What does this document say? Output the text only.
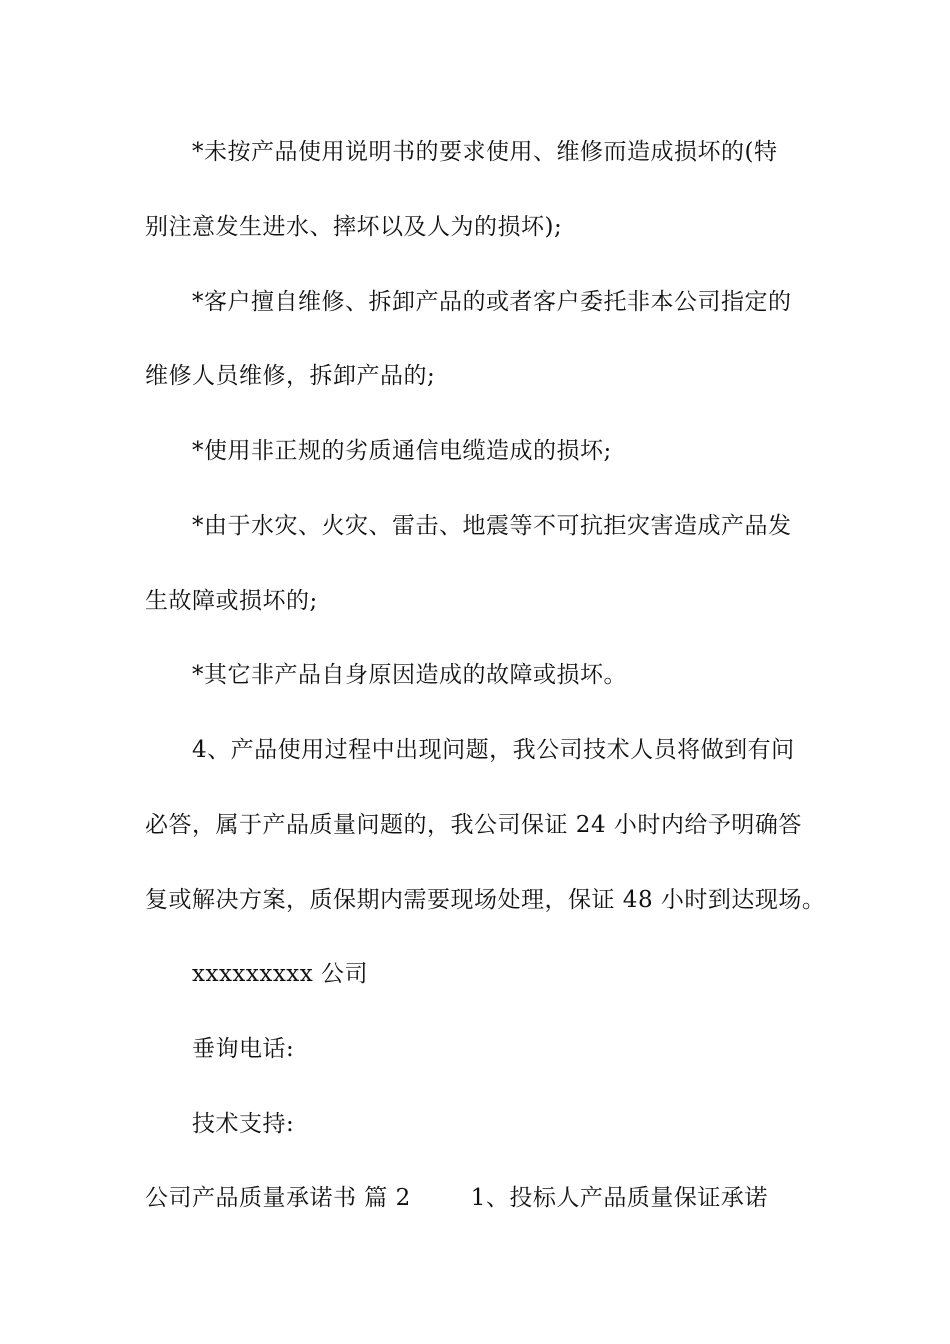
*未按产品使用说明书的要求使用、维修而造成损坏的(特
别注意发生进水、摔坏以及人为的损坏);
*客户擅自维修、拆卸产品的或者客户委托非本公司指定的
维修人员维修，拆卸产品的;
*使用非正规的劣质通信电缆造成的损坏;
*由于水灾、火灾、雷击、地震等不可抗拒灾害造成产品发
生故障或损坏的;
*其它非产品自身原因造成的故障或损坏。
4、产品使用过程中出现问题，我公司技术人员将做到有问
必答，属于产品质量问题的，我公司保证 24 小时内给予明确答
复或解决方案，质保期内需要现场处理，保证 48 小时到达现场。
xxxxxxxxx 公司
垂询电话:
技术支持:
公司产品质量承诺书 篇 2	1、投标人产品质量保证承诺
